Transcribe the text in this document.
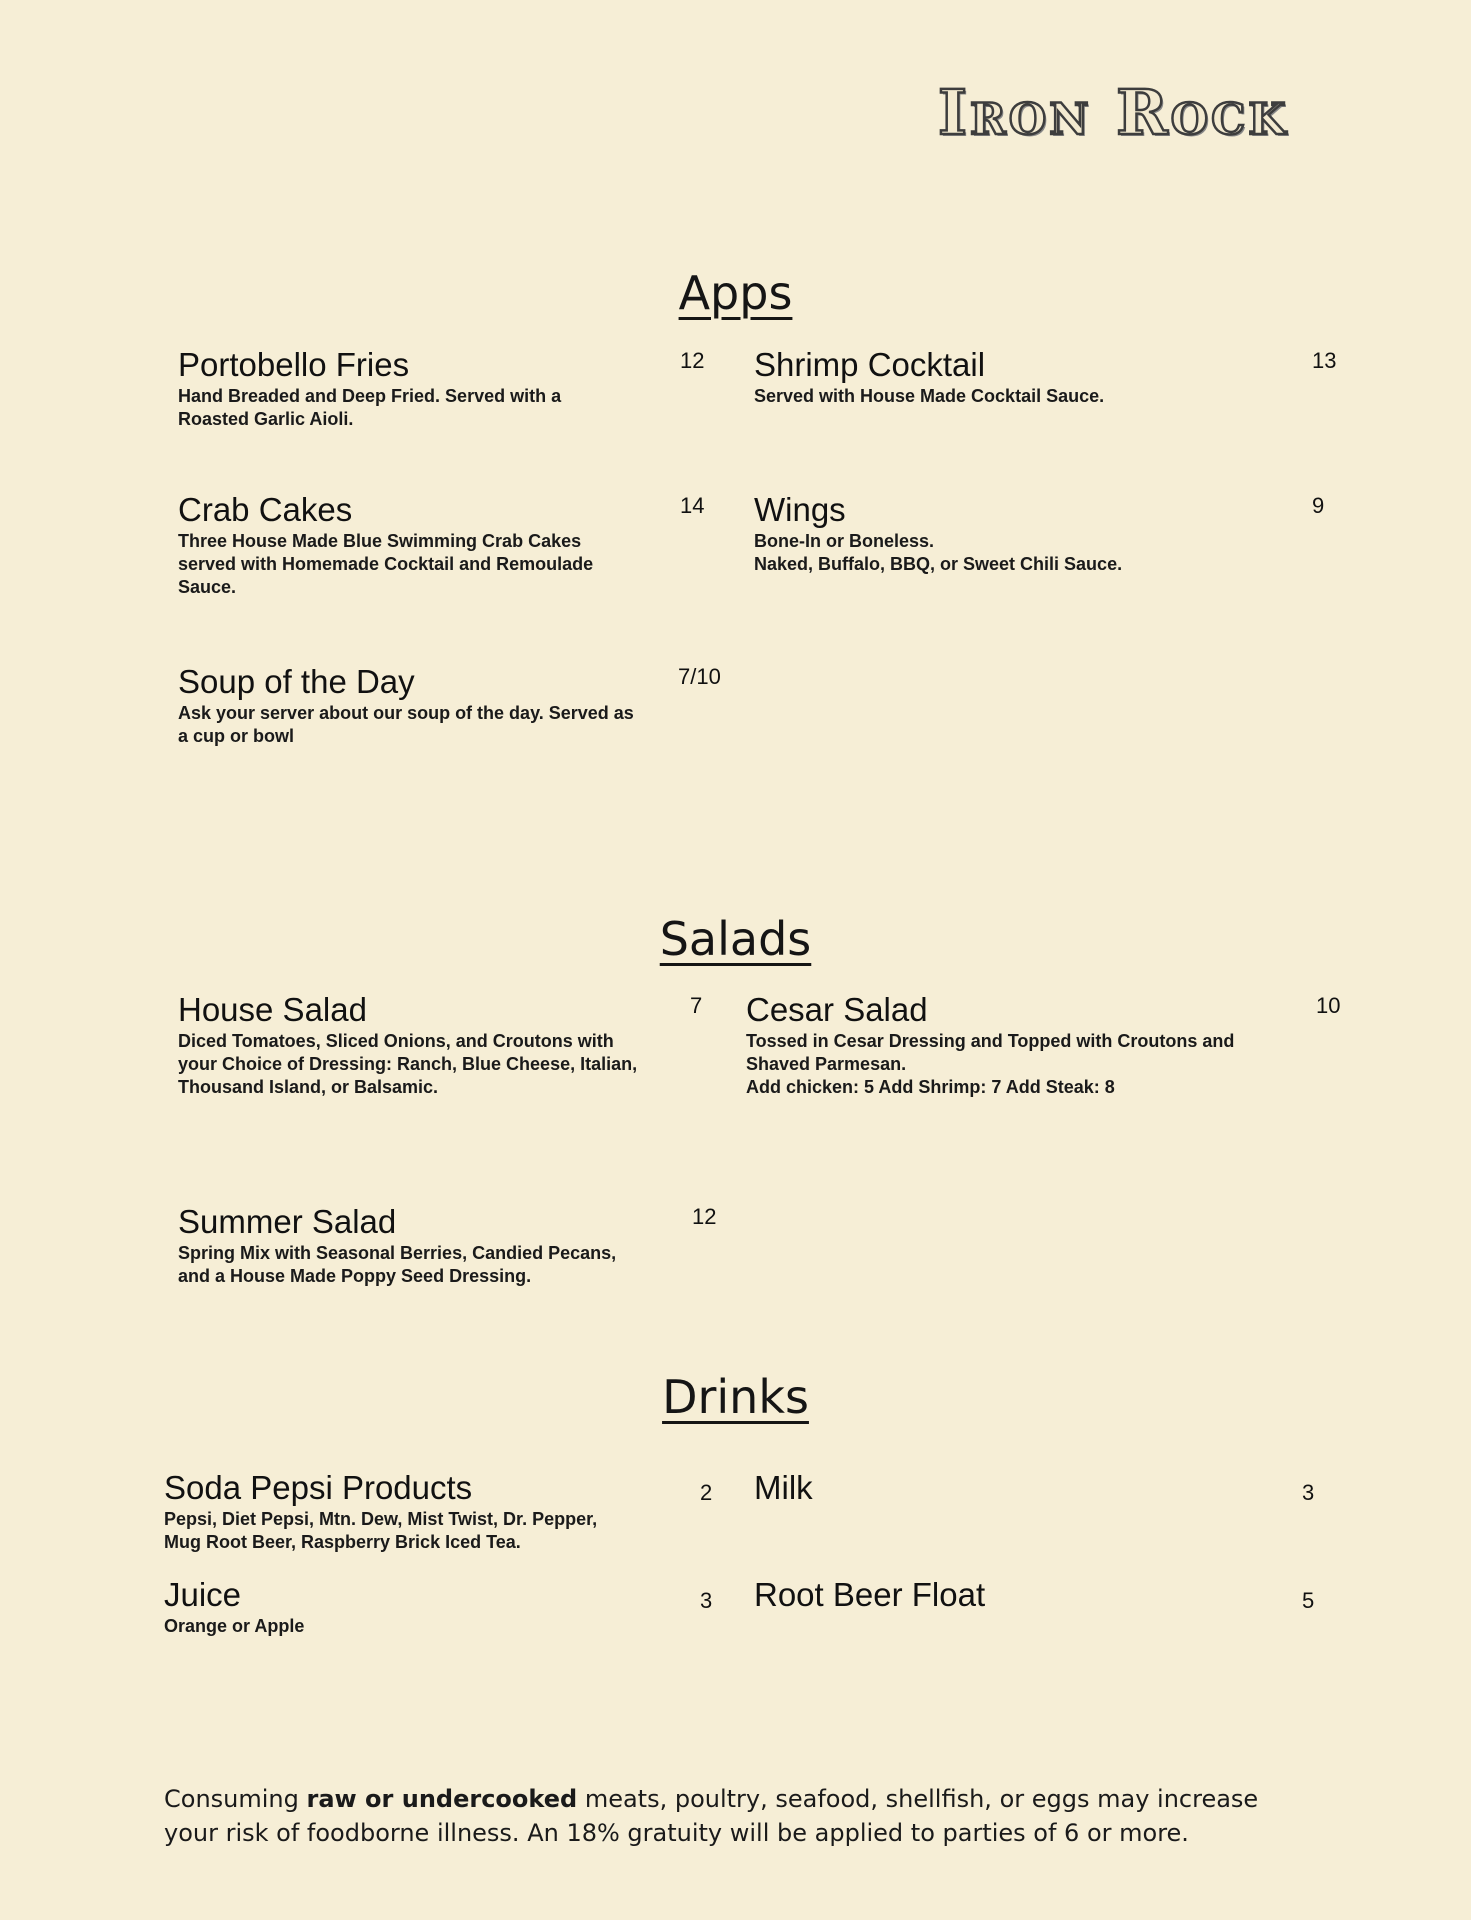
Iron Rock
Apps
Portobello Fries
Hand Breaded and Deep Fried. Served with a
Roasted Garlic Aioli.
12 Shrimp Cocktail
Served with House Made Cocktail Sauce.
13
Crab Cakes
Three House Made Blue Swimming Crab Cakes
served with Homemade Cocktail and Remoulade
Sauce.
14 Wings
Bone-In or Boneless.
Naked, Buffalo, BBQ, or Sweet Chili Sauce.
9
Soup of the Day
Ask your server about our soup of the day. Served as
a cup or bowl
7/10
Salads
House Salad
Diced Tomatoes, Sliced Onions, and Croutons with
your Choice of Dressing: Ranch, Blue Cheese, Italian,
Thousand Island, or Balsamic.
7 Cesar Salad
Tossed in Cesar Dressing and Topped with Croutons and
Shaved Parmesan.
Add chicken: 5 Add Shrimp: 7 Add Steak: 8
10
Summer Salad
Spring Mix with Seasonal Berries, Candied Pecans,
and a House Made Poppy Seed Dressing.
12
Drinks
Soda Pepsi Products
Pepsi, Diet Pepsi, Mtn. Dew, Mist Twist, Dr. Pepper,
Mug Root Beer, Raspberry Brick Iced Tea.
2 Milk	3
Juice
Orange or Apple
3 Root Beer Float	5
Consuming raw or undercooked meats, poultry, seafood, shellfish, or eggs may increase your risk of foodborne illness. An 18% gratuity will be applied to parties of 6 or more.
